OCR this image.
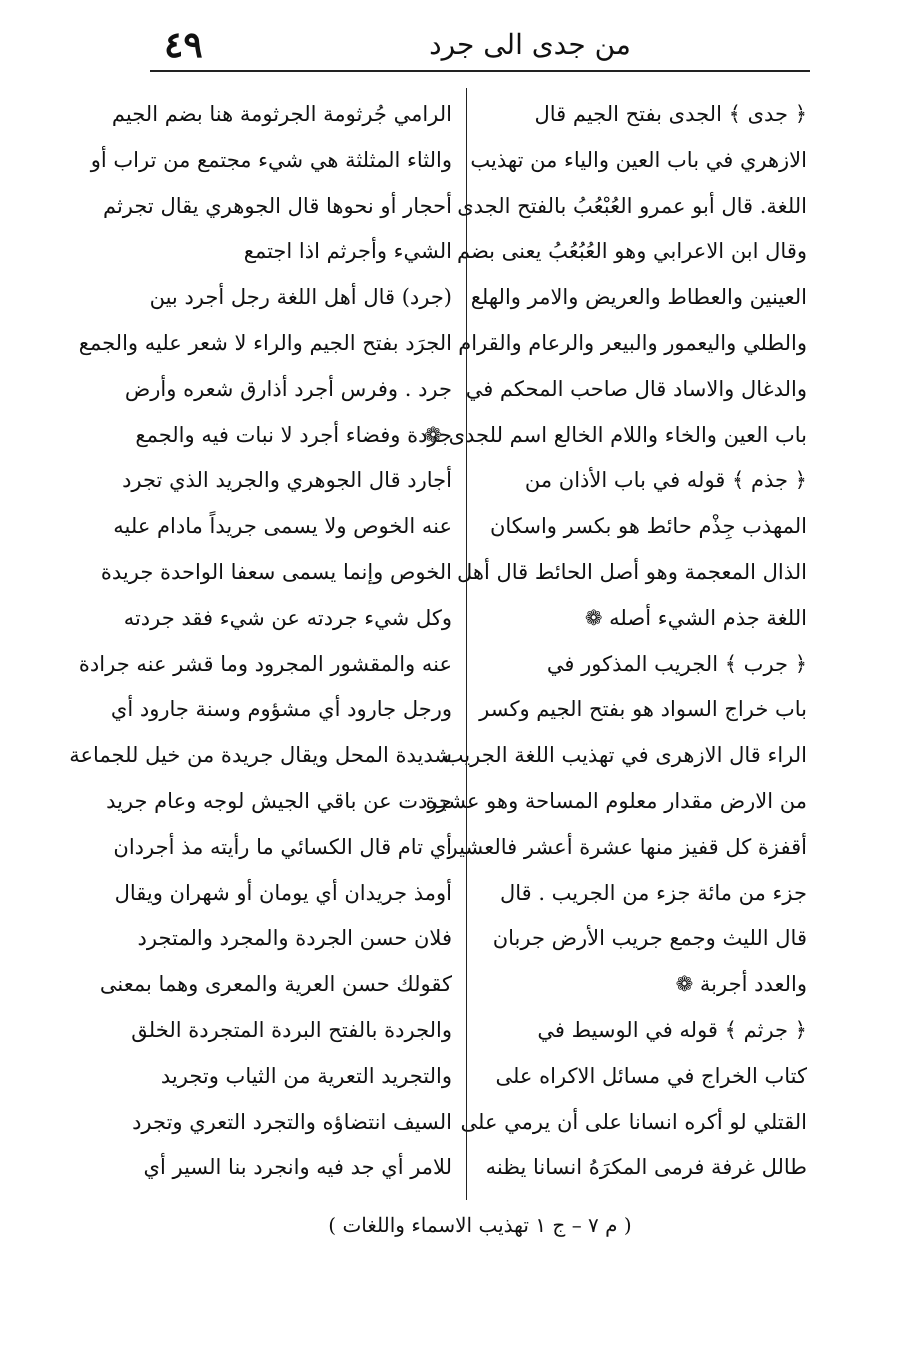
٤٩	من جدى الى جرد
﴿ جدى ﴾ الجدى بفتح الجيم قال
الازهري في باب العين والياء من تهذيب
اللغة. قال أبو عمرو العُبْعُبُ بالفتح الجدى
وقال ابن الاعرابي وهو العُبُعُبُ يعنى بضم
العينين والعطاط والعريض والامر والهلع
والطلي واليعمور والبيعر والرعام والقرام
والدغال والاساد قال صاحب المحكم في
باب العين والخاء واللام الخالع اسم للجدى ❁
﴿ جذم ﴾ قوله في باب الأذان من
المهذب جِذْم حائط هو بكسر واسكان
الذال المعجمة وهو أصل الحائط قال أهل
اللغة جذم الشيء أصله ❁
﴿ جرب ﴾ الجريب المذكور في
باب خراج السواد هو بفتح الجيم وكسر
الراء قال الازهرى في تهذيب اللغة الجريب
من الارض مقدار معلوم المساحة وهو عشرة
أقفزة كل قفيز منها عشرة أعشر فالعشير
جزء من مائة جزء من الجريب . قال
قال الليث وجمع جريب الأرض جربان
والعدد أجربة ❁
﴿ جرثم ﴾ قوله في الوسيط في
كتاب الخراج في مسائل الاكراه على
القتلي لو أكره انسانا على أن يرمي على
طالل غرفة فرمى المكرَهُ انسانا يظنه
الرامي جُرثومة الجرثومة هنا بضم الجيم
والثاء المثلثة هي شيء مجتمع من تراب أو
أحجار أو نحوها قال الجوهري يقال تجرثم
الشيء وأجرثم اذا اجتمع
(جرد) قال أهل اللغة رجل أجرد بين
الجرَد بفتح الجيم والراء لا شعر عليه والجمع
جرد . وفرس أجرد أذارق شعره وأرض
جردة وفضاء أجرد لا نبات فيه والجمع
أجارد قال الجوهري والجريد الذي تجرد
عنه الخوص ولا يسمى جريداً مادام عليه
الخوص وإنما يسمى سعفا الواحدة جريدة
وكل شيء جردته عن شيء فقد جردته
عنه والمقشور المجرود وما قشر عنه جرادة
ورجل جارود أي مشؤوم وسنة جارود أي
شديدة المحل ويقال جريدة من خيل للجماعة
جردت عن باقي الجيش لوجه وعام جريد
أي تام قال الكسائي ما رأيته مذ أجردان
أومذ جريدان أي يومان أو شهران ويقال
فلان حسن الجردة والمجرد والمتجرد
كقولك حسن العرية والمعرى وهما بمعنى
والجردة بالفتح البردة المتجردة الخلق
والتجريد التعرية من الثياب وتجريد
السيف انتضاؤه والتجرد التعري وتجرد
للامر أي جد فيه وانجرد بنا السير أي
( م ٧ – ج ١ تهذيب الاسماء واللغات )
